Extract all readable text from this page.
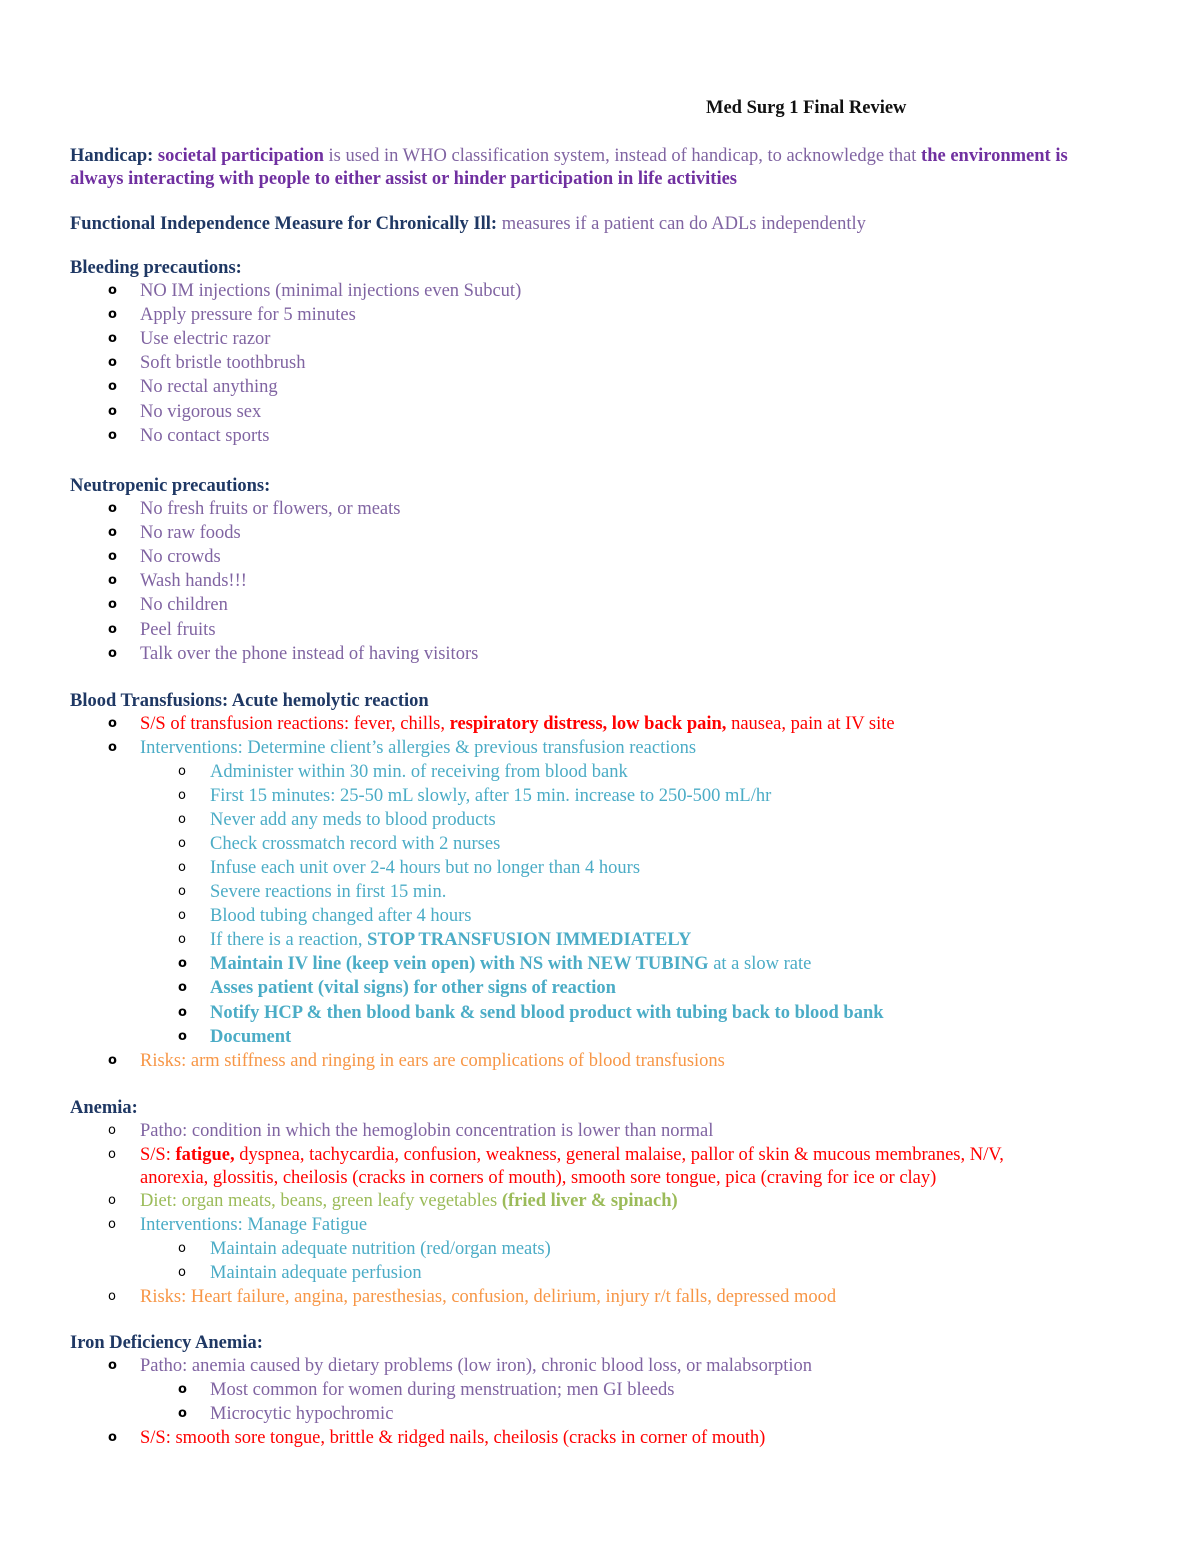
Med Surg 1 Final Review

Handicap: societal participation is used in WHO classification system, instead of handicap, to acknowledge that the environment is

always interacting with people to either assist or hinder participation in life activities

Functional Independence Measure for Chronically Ill: measures if a patient can do ADLs independently

Bleeding precautions:

o NO IM injections (minimal injections even Subcut)
o Apply pressure for 5 minutes
o Use electric razor
o Soft bristle toothbrush
o No rectal anything
o No vigorous sex
o No contact sports

Neutropenic precautions:

o No fresh fruits or flowers, or meats
o No raw foods
o No crowds
o Wash hands!!!
o No children
o Peel fruits
o Talk over the phone instead of having visitors

Blood Transfusions: Acute hemolytic reaction

o S/S of transfusion reactions: fever, chills, respiratory distress, low back pain, nausea, pain at IV site
o Interventions: Determine client’s allergies & previous transfusion reactions
o Administer within 30 min. of receiving from blood bank
o First 15 minutes: 25-50 mL slowly, after 15 min. increase to 250-500 mL/hr
o Never add any meds to blood products
o Check crossmatch record with 2 nurses
o Infuse each unit over 2-4 hours but no longer than 4 hours
o Severe reactions in first 15 min.
o Blood tubing changed after 4 hours
o If there is a reaction, STOP TRANSFUSION IMMEDIATELY
o Maintain IV line (keep vein open) with NS with NEW TUBING at a slow rate
o Asses patient (vital signs) for other signs of reaction
o Notify HCP & then blood bank & send blood product with tubing back to blood bank
o Document
o Risks: arm stiffness and ringing in ears are complications of blood transfusions

Anemia:

o Patho: condition in which the hemoglobin concentration is lower than normal
o S/S: fatigue, dyspnea, tachycardia, confusion, weakness, general malaise, pallor of skin & mucous membranes, N/V,
anorexia, glossitis, cheilosis (cracks in corners of mouth), smooth sore tongue, pica (craving for ice or clay)
o Diet: organ meats, beans, green leafy vegetables (fried liver & spinach)
o Interventions: Manage Fatigue
o Maintain adequate nutrition (red/organ meats)
o Maintain adequate perfusion
o Risks: Heart failure, angina, paresthesias, confusion, delirium, injury r/t falls, depressed mood

Iron Deficiency Anemia:

o Patho: anemia caused by dietary problems (low iron), chronic blood loss, or malabsorption
o Most common for women during menstruation; men GI bleeds
o Microcytic hypochromic
o S/S: smooth sore tongue, brittle & ridged nails, cheilosis (cracks in corner of mouth)
